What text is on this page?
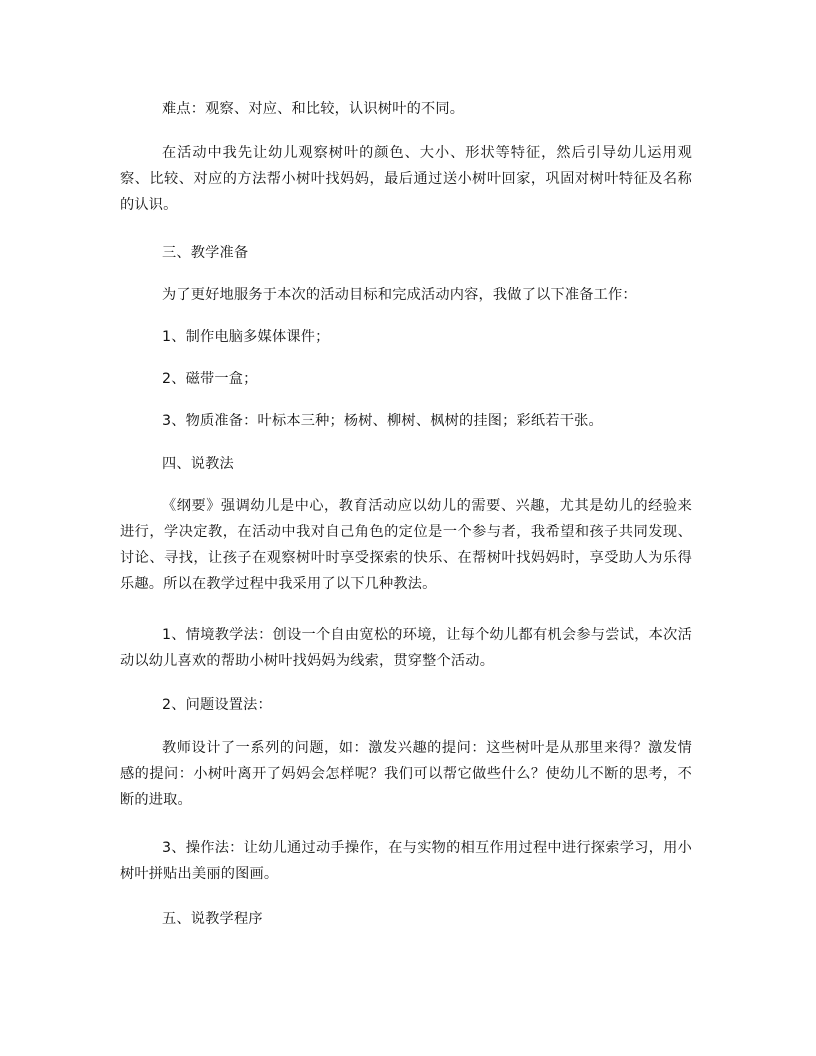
难点：观察、对应、和比较，认识树叶的不同。

在活动中我先让幼儿观察树叶的颜色、大小、形状等特征，然后引导幼儿运用观察、比较、对应的方法帮小树叶找妈妈，最后通过送小树叶回家，巩固对树叶特征及名称的认识。

三、教学准备

为了更好地服务于本次的活动目标和完成活动内容，我做了以下准备工作：

1、制作电脑多媒体课件；

2、磁带一盒；

3、物质准备：叶标本三种；杨树、柳树、枫树的挂图；彩纸若干张。

四、说教法

《纲要》强调幼儿是中心，教育活动应以幼儿的需要、兴趣，尤其是幼儿的经验来进行，学决定教，在活动中我对自己角色的定位是一个参与者，我希望和孩子共同发现、讨论、寻找，让孩子在观察树叶时享受探索的快乐、在帮树叶找妈妈时，享受助人为乐得乐趣。所以在教学过程中我采用了以下几种教法。

1、情境教学法：创设一个自由宽松的环境，让每个幼儿都有机会参与尝试，本次活动以幼儿喜欢的帮助小树叶找妈妈为线索，贯穿整个活动。

2、问题设置法：

教师设计了一系列的问题，如：激发兴趣的提问：这些树叶是从那里来得？激发情感的提问：小树叶离开了妈妈会怎样呢？我们可以帮它做些什么？使幼儿不断的思考，不断的进取。

3、操作法：让幼儿通过动手操作，在与实物的相互作用过程中进行探索学习，用小树叶拼贴出美丽的图画。

五、说教学程序
